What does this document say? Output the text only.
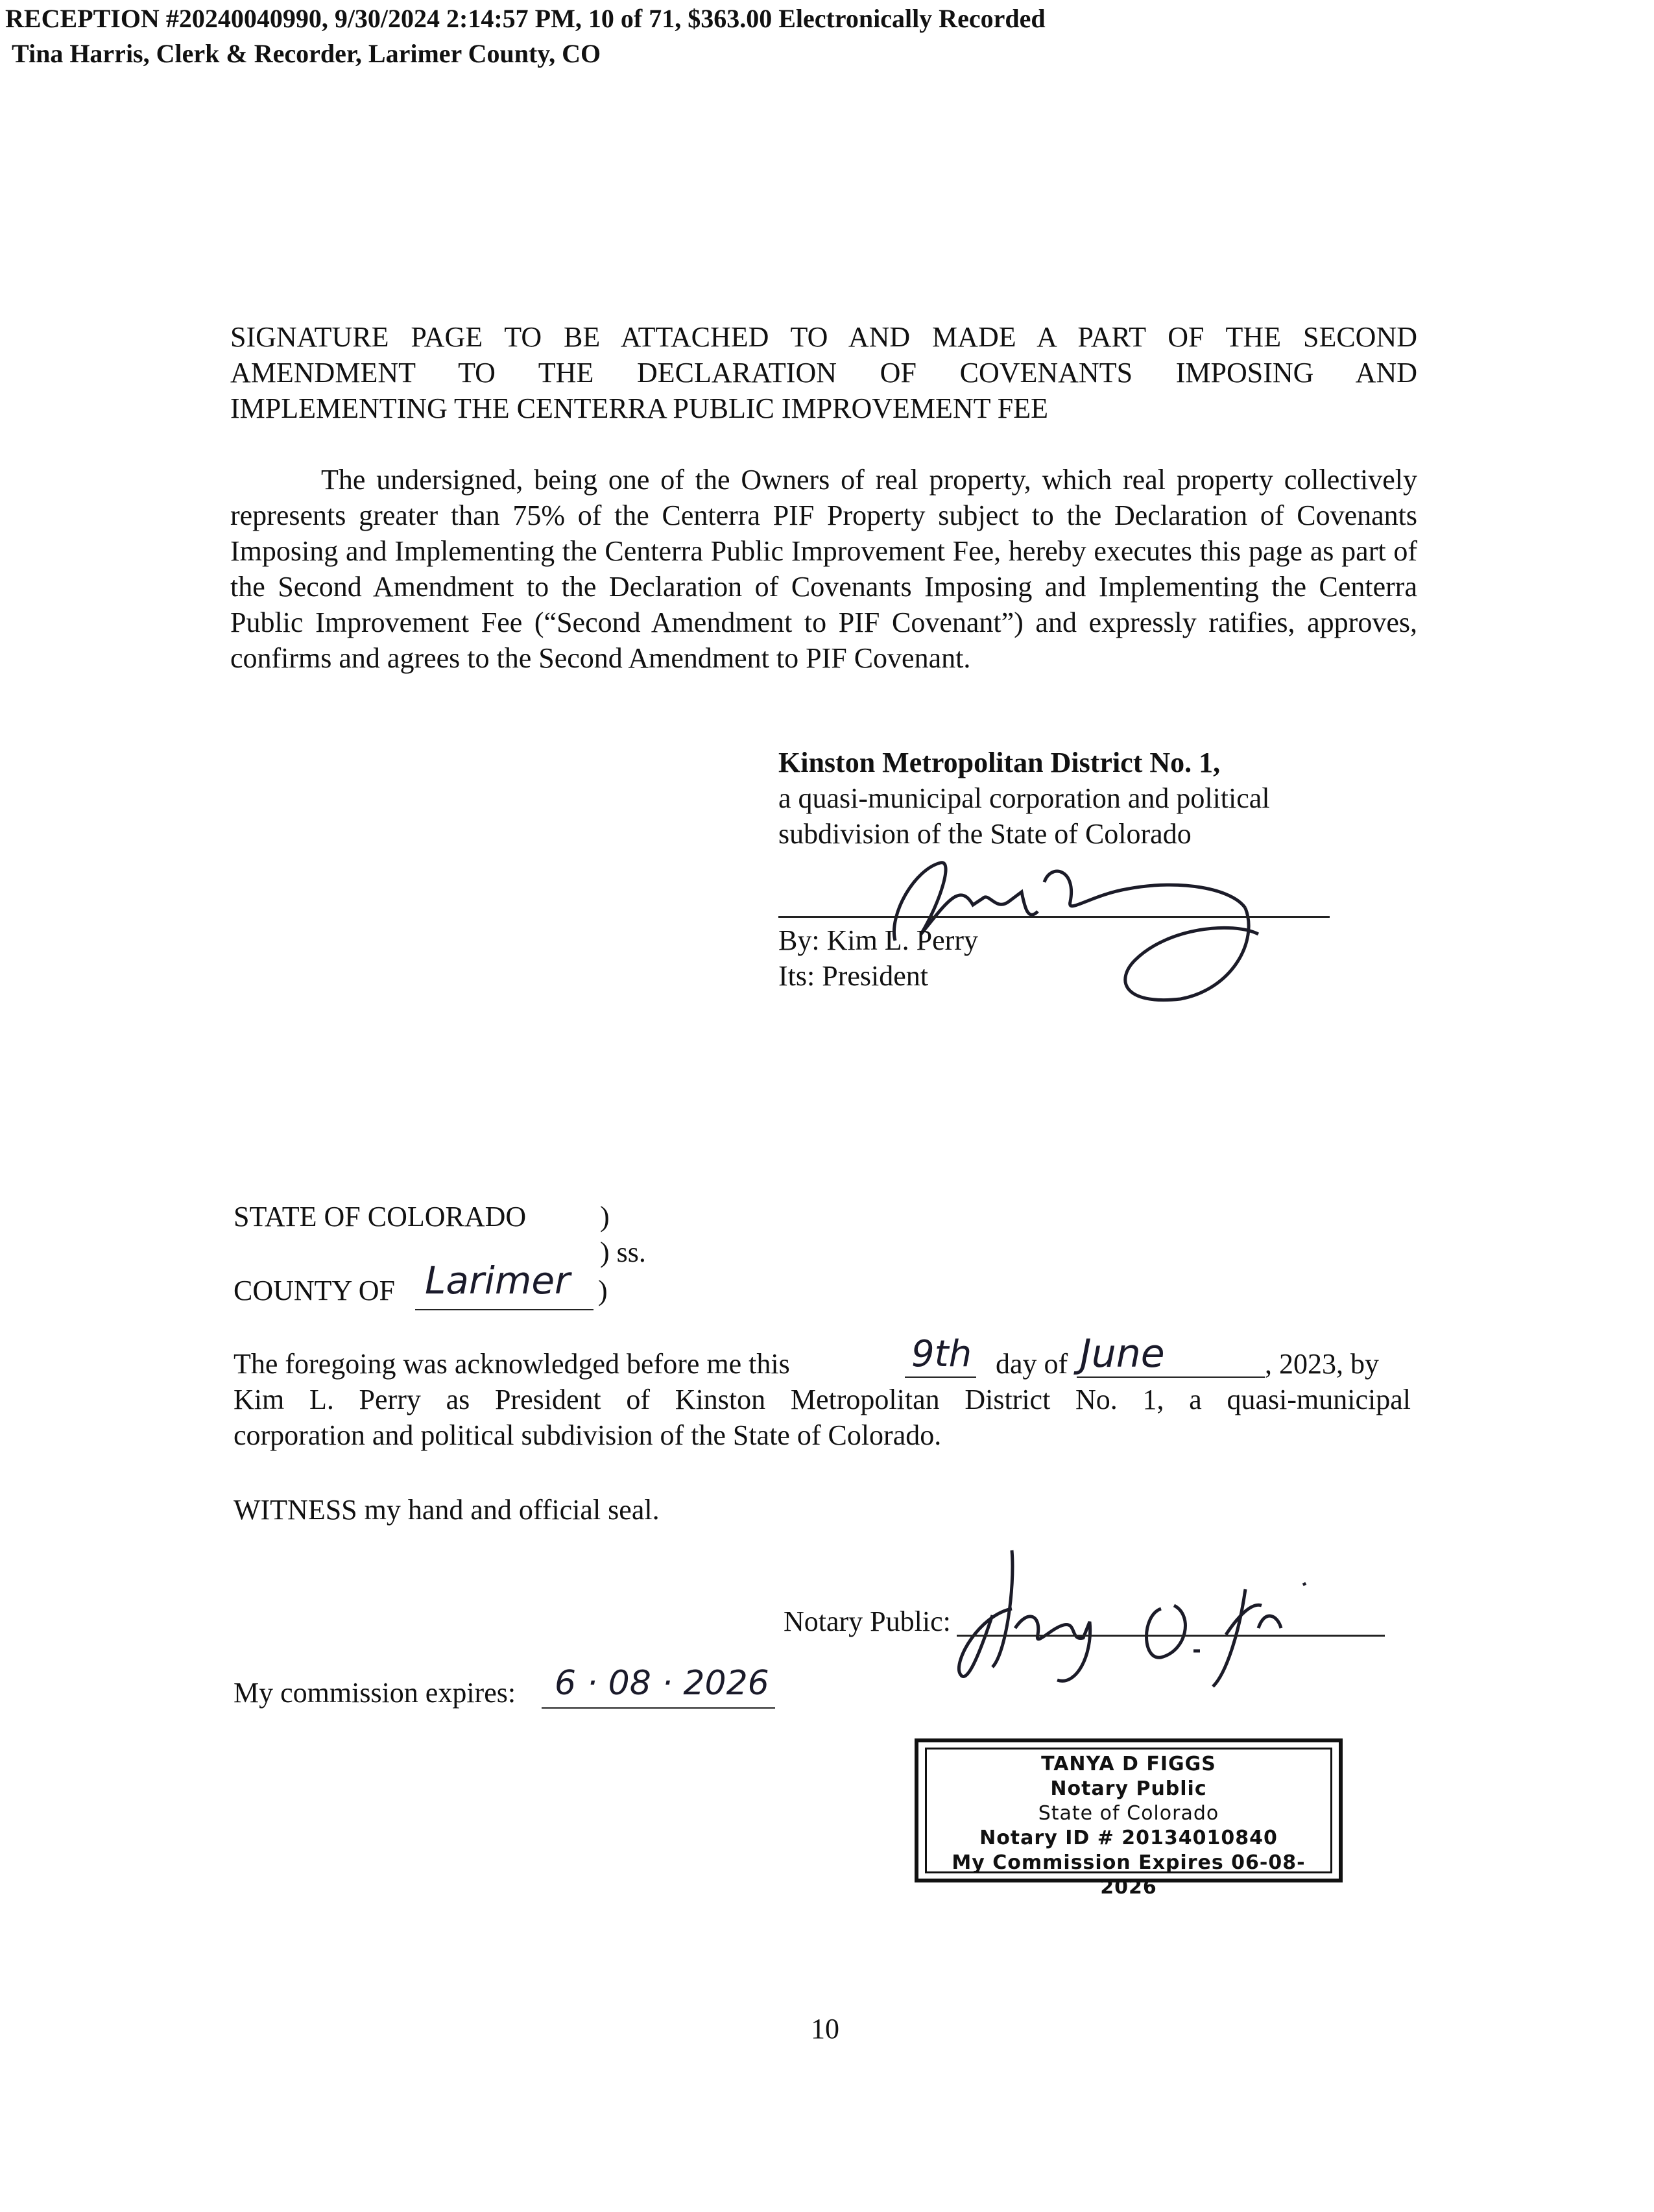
RECEPTION #20240040990, 9/30/2024 2:14:57 PM, 10 of 71, $363.00 Electronically Recorded
Tina Harris, Clerk & Recorder, Larimer County, CO
SIGNATURE PAGE TO BE ATTACHED TO AND MADE A PART OF THE SECOND
AMENDMENT TO THE DECLARATION OF COVENANTS IMPOSING AND
IMPLEMENTING THE CENTERRA PUBLIC IMPROVEMENT FEE
The undersigned, being one of the Owners of real property, which real property collectively represents greater than 75% of the Centerra PIF Property subject to the Declaration of Covenants Imposing and Implementing the Centerra Public Improvement Fee, hereby executes this page as part of the Second Amendment to the Declaration of Covenants Imposing and Implementing the Centerra Public Improvement Fee (“Second Amendment to PIF Covenant”) and expressly ratifies, approves, confirms and agrees to the Second Amendment to PIF Covenant.
Kinston Metropolitan District No. 1,
a quasi-municipal corporation and political
subdivision of the State of Colorado
By: Kim L. Perry
Its: President
STATE OF COLORADO	)
) ss.
COUNTY OF Larimer )
The foregoing was acknowledged before me this	9th day of June	, 2023, by
Kim L. Perry as President of Kinston Metropolitan District No. 1, a quasi-municipal
corporation and political subdivision of the State of Colorado.
WITNESS my hand and official seal.
Notary Public:
My commission expires: 6 · 08 · 2026
TANYA D FIGGS
Notary Public
State of Colorado
Notary ID # 20134010840
My Commission Expires 06-08-2026
10
